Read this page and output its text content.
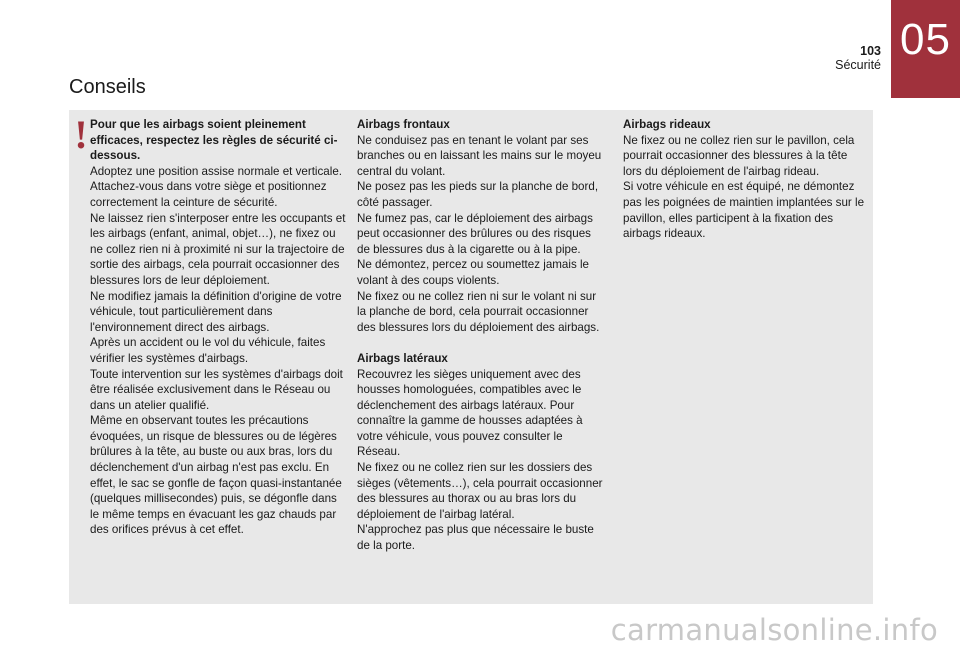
05
103
Sécurité
Conseils
! Pour que les airbags soient pleinement efficaces, respectez les règles de sécurité ci-dessous.

Adoptez une position assise normale et verticale.

Attachez-vous dans votre siège et positionnez correctement la ceinture de sécurité.

Ne laissez rien s'interposer entre les occupants et les airbags (enfant, animal, objet…), ne fixez ou ne collez rien ni à proximité ni sur la trajectoire de sortie des airbags, cela pourrait occasionner des blessures lors de leur déploiement.

Ne modifiez jamais la définition d'origine de votre véhicule, tout particulièrement dans l'environnement direct des airbags.

Après un accident ou le vol du véhicule, faites vérifier les systèmes d'airbags.

Toute intervention sur les systèmes d'airbags doit être réalisée exclusivement dans le Réseau ou dans un atelier qualifié.

Même en observant toutes les précautions évoquées, un risque de blessures ou de légères brûlures à la tête, au buste ou aux bras, lors du déclenchement d'un airbag n'est pas exclu. En effet, le sac se gonfle de façon quasi-instantanée (quelques millisecondes) puis, se dégonfle dans le même temps en évacuant les gaz chauds par des orifices prévus à cet effet.

Airbags frontaux

Ne conduisez pas en tenant le volant par ses branches ou en laissant les mains sur le moyeu central du volant.

Ne posez pas les pieds sur la planche de bord, côté passager.

Ne fumez pas, car le déploiement des airbags peut occasionner des brûlures ou des risques de blessures dus à la cigarette ou à la pipe.

Ne démontez, percez ou soumettez jamais le volant à des coups violents.

Ne fixez ou ne collez rien ni sur le volant ni sur la planche de bord, cela pourrait occasionner des blessures lors du déploiement des airbags.

Airbags latéraux

Recouvrez les sièges uniquement avec des housses homologuées, compatibles avec le déclenchement des airbags latéraux. Pour connaître la gamme de housses adaptées à votre véhicule, vous pouvez consulter le Réseau.

Ne fixez ou ne collez rien sur les dossiers des sièges (vêtements…), cela pourrait occasionner des blessures au thorax ou au bras lors du déploiement de l'airbag latéral.

N'approchez pas plus que nécessaire le buste de la porte.

Airbags rideaux

Ne fixez ou ne collez rien sur le pavillon, cela pourrait occasionner des blessures à la tête lors du déploiement de l'airbag rideau.

Si votre véhicule en est équipé, ne démontez pas les poignées de maintien implantées sur le pavillon, elles participent à la fixation des airbags rideaux.

carmanualsonline.info
